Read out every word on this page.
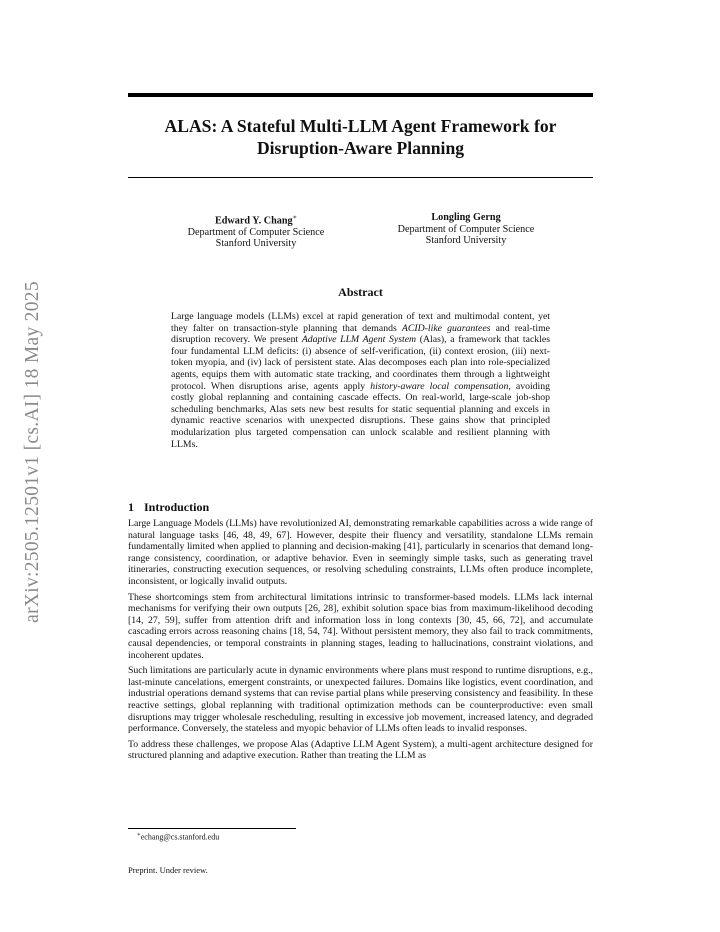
arXiv:2505.12501v1 [cs.AI] 18 May 2025
ALAS: A Stateful Multi-LLM Agent Framework for
Disruption-Aware Planning
Edward Y. Chang∗
Department of Computer Science
Stanford University
Longling Gerng
Department of Computer Science
Stanford University
Abstract
Large language models (LLMs) excel at rapid generation of text and multimodal content, yet they falter on transaction-style planning that demands ACID-like guarantees and real-time disruption recovery. We present Adaptive LLM Agent System (Alas), a framework that tackles four fundamental LLM deficits: (i) absence of self-verification, (ii) context erosion, (iii) next-token myopia, and (iv) lack of persistent state. Alas decomposes each plan into role-specialized agents, equips them with automatic state tracking, and coordinates them through a lightweight protocol. When disruptions arise, agents apply history-aware local compensation, avoiding costly global replanning and containing cascade effects. On real-world, large-scale job-shop scheduling benchmarks, Alas sets new best results for static sequential planning and excels in dynamic reactive scenarios with unexpected disruptions. These gains show that principled modularization plus targeted compensation can unlock scalable and resilient planning with LLMs.
1 Introduction

Large Language Models (LLMs) have revolutionized AI, demonstrating remarkable capabilities across a wide range of natural language tasks [46, 48, 49, 67]. However, despite their fluency and versatility, standalone LLMs remain fundamentally limited when applied to planning and decision-making [41], particularly in scenarios that demand long-range consistency, coordination, or adaptive behavior. Even in seemingly simple tasks, such as generating travel itineraries, constructing execution sequences, or resolving scheduling constraints, LLMs often produce incomplete, inconsistent, or logically invalid outputs.

These shortcomings stem from architectural limitations intrinsic to transformer-based models. LLMs lack internal mechanisms for verifying their own outputs [26, 28], exhibit solution space bias from maximum-likelihood decoding [14, 27, 59], suffer from attention drift and information loss in long contexts [30, 45, 66, 72], and accumulate cascading errors across reasoning chains [18, 54, 74]. Without persistent memory, they also fail to track commitments, causal dependencies, or temporal constraints in planning stages, leading to hallucinations, constraint violations, and incoherent updates.

Such limitations are particularly acute in dynamic environments where plans must respond to runtime disruptions, e.g., last-minute cancelations, emergent constraints, or unexpected failures. Domains like logistics, event coordination, and industrial operations demand systems that can revise partial plans while preserving consistency and feasibility. In these reactive settings, global replanning with traditional optimization methods can be counterproductive: even small disruptions may trigger wholesale rescheduling, resulting in excessive job movement, increased latency, and degraded performance. Conversely, the stateless and myopic behavior of LLMs often leads to invalid responses.

To address these challenges, we propose Alas (Adaptive LLM Agent System), a multi-agent architecture designed for structured planning and adaptive execution. Rather than treating the LLM as

∗echang@cs.stanford.edu
Preprint. Under review.
